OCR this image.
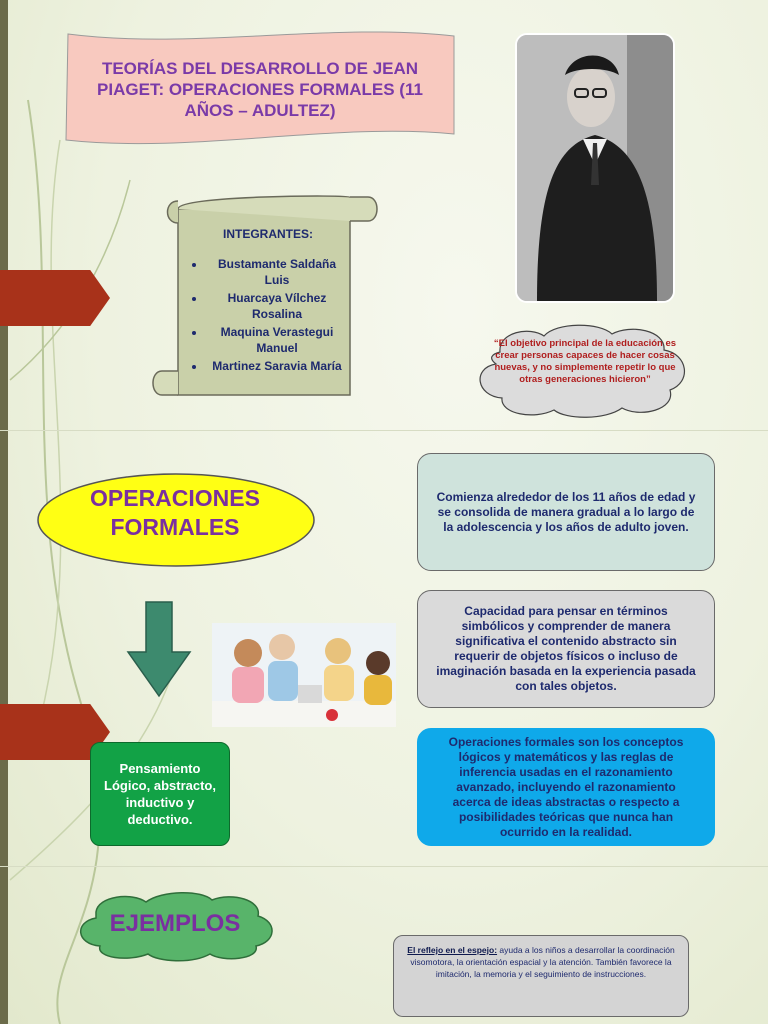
TEORÍAS DEL DESARROLLO DE JEAN PIAGET: OPERACIONES FORMALES (11 AÑOS – ADULTEZ)
INTEGRANTES:
• Bustamante Saldaña Luis
• Huarcaya Vílchez Rosalina
• Maquina Verastegui Manuel
• Martinez Saravia María
“El objetivo principal de la educación es crear personas capaces de hacer cosas nuevas, y no simplemente repetir lo que otras generaciones hicieron”
OPERACIONES FORMALES
Comienza alrededor de los 11 años de edad y se consolida de manera gradual a lo largo de la adolescencia y los años de adulto joven.
Capacidad para pensar en términos simbólicos y comprender de manera significativa el contenido abstracto sin requerir de objetos físicos o incluso de imaginación basada en la experiencia pasada con tales objetos.
Operaciones formales son los conceptos lógicos y matemáticos y las reglas de inferencia usadas en el razonamiento avanzado, incluyendo el razonamiento acerca de ideas abstractas o respecto a posibilidades teóricas que nunca han ocurrido en la realidad.
Pensamiento Lógico, abstracto, inductivo y deductivo.
EJEMPLOS
El reflejo en el espejo: ayuda a los niños a desarrollar la coordinación visomotora, la orientación espacial y la atención. También favorece la imitación, la memoria y el seguimiento de instrucciones.
